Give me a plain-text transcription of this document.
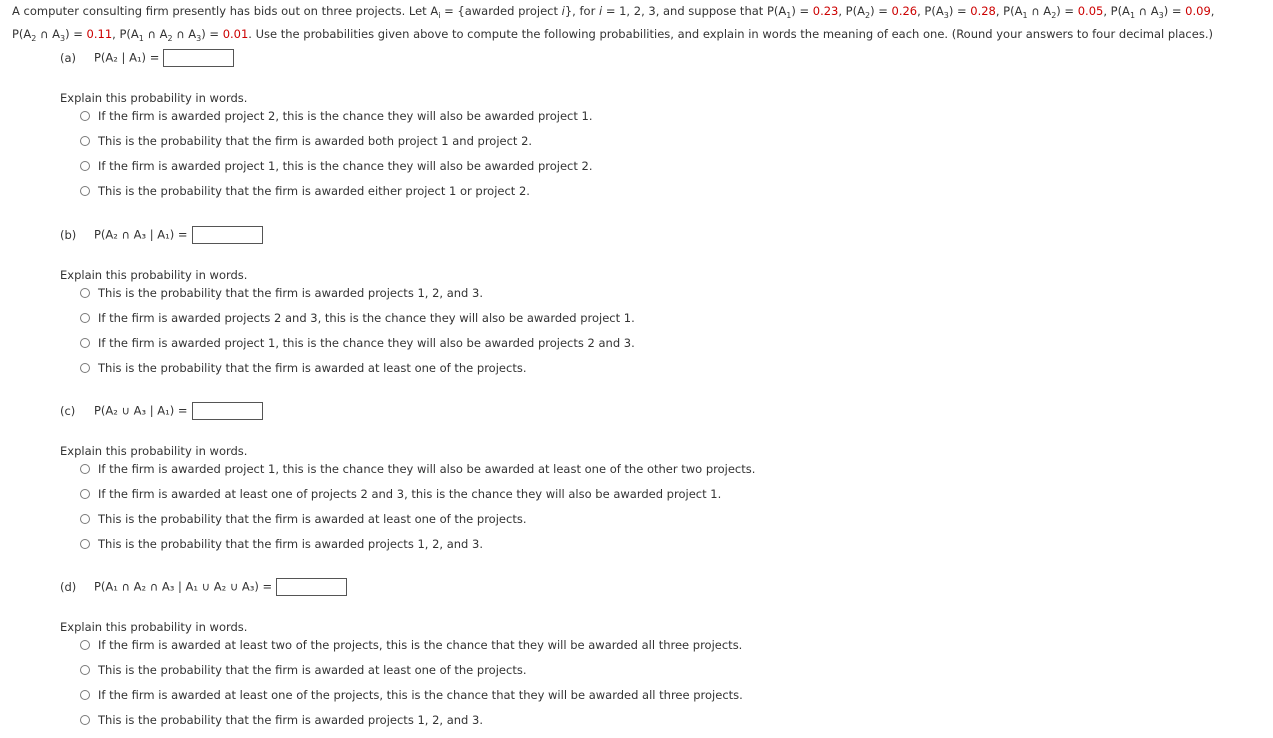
A computer consulting firm presently has bids out on three projects. Let $A_i$ = {awarded project i}, for i = 1, 2, 3, and suppose that $P(A_1) = 0.23$, $P(A_2) = 0.26$, $P(A_3) = 0.28$, $P(A_1$ ∩ $A_2) = 0.05$, $P(A_1$ ∩ $A_3) = 0.09$,
$P(A_2$ ∩ $A_3) = 0.11$, $P(A_1$ ∩ $A_2$ ∩ $A_3) = 0.01$. Use the probabilities given above to compute the following probabilities, and explain in words the meaning of each one. (Round your answers to four decimal places.)
(a) P(A₂ | A₁) =
Explain this probability in words.
If the firm is awarded project 2, this is the chance they will also be awarded project 1.
This is the probability that the firm is awarded both project 1 and project 2.
If the firm is awarded project 1, this is the chance they will also be awarded project 2.
This is the probability that the firm is awarded either project 1 or project 2.
(b) P(A₂ ∩ A₃ | A₁) =
Explain this probability in words.
This is the probability that the firm is awarded projects 1, 2, and 3.
If the firm is awarded projects 2 and 3, this is the chance they will also be awarded project 1.
If the firm is awarded project 1, this is the chance they will also be awarded projects 2 and 3.
This is the probability that the firm is awarded at least one of the projects.
(c) P(A₂ ∪ A₃ | A₁) =
Explain this probability in words.
If the firm is awarded project 1, this is the chance they will also be awarded at least one of the other two projects.
If the firm is awarded at least one of projects 2 and 3, this is the chance they will also be awarded project 1.
This is the probability that the firm is awarded at least one of the projects.
This is the probability that the firm is awarded projects 1, 2, and 3.
(d) P(A₁ ∩ A₂ ∩ A₃ | A₁ ∪ A₂ ∪ A₃) =
Explain this probability in words.
If the firm is awarded at least two of the projects, this is the chance that they will be awarded all three projects.
This is the probability that the firm is awarded at least one of the projects.
If the firm is awarded at least one of the projects, this is the chance that they will be awarded all three projects.
This is the probability that the firm is awarded projects 1, 2, and 3.
